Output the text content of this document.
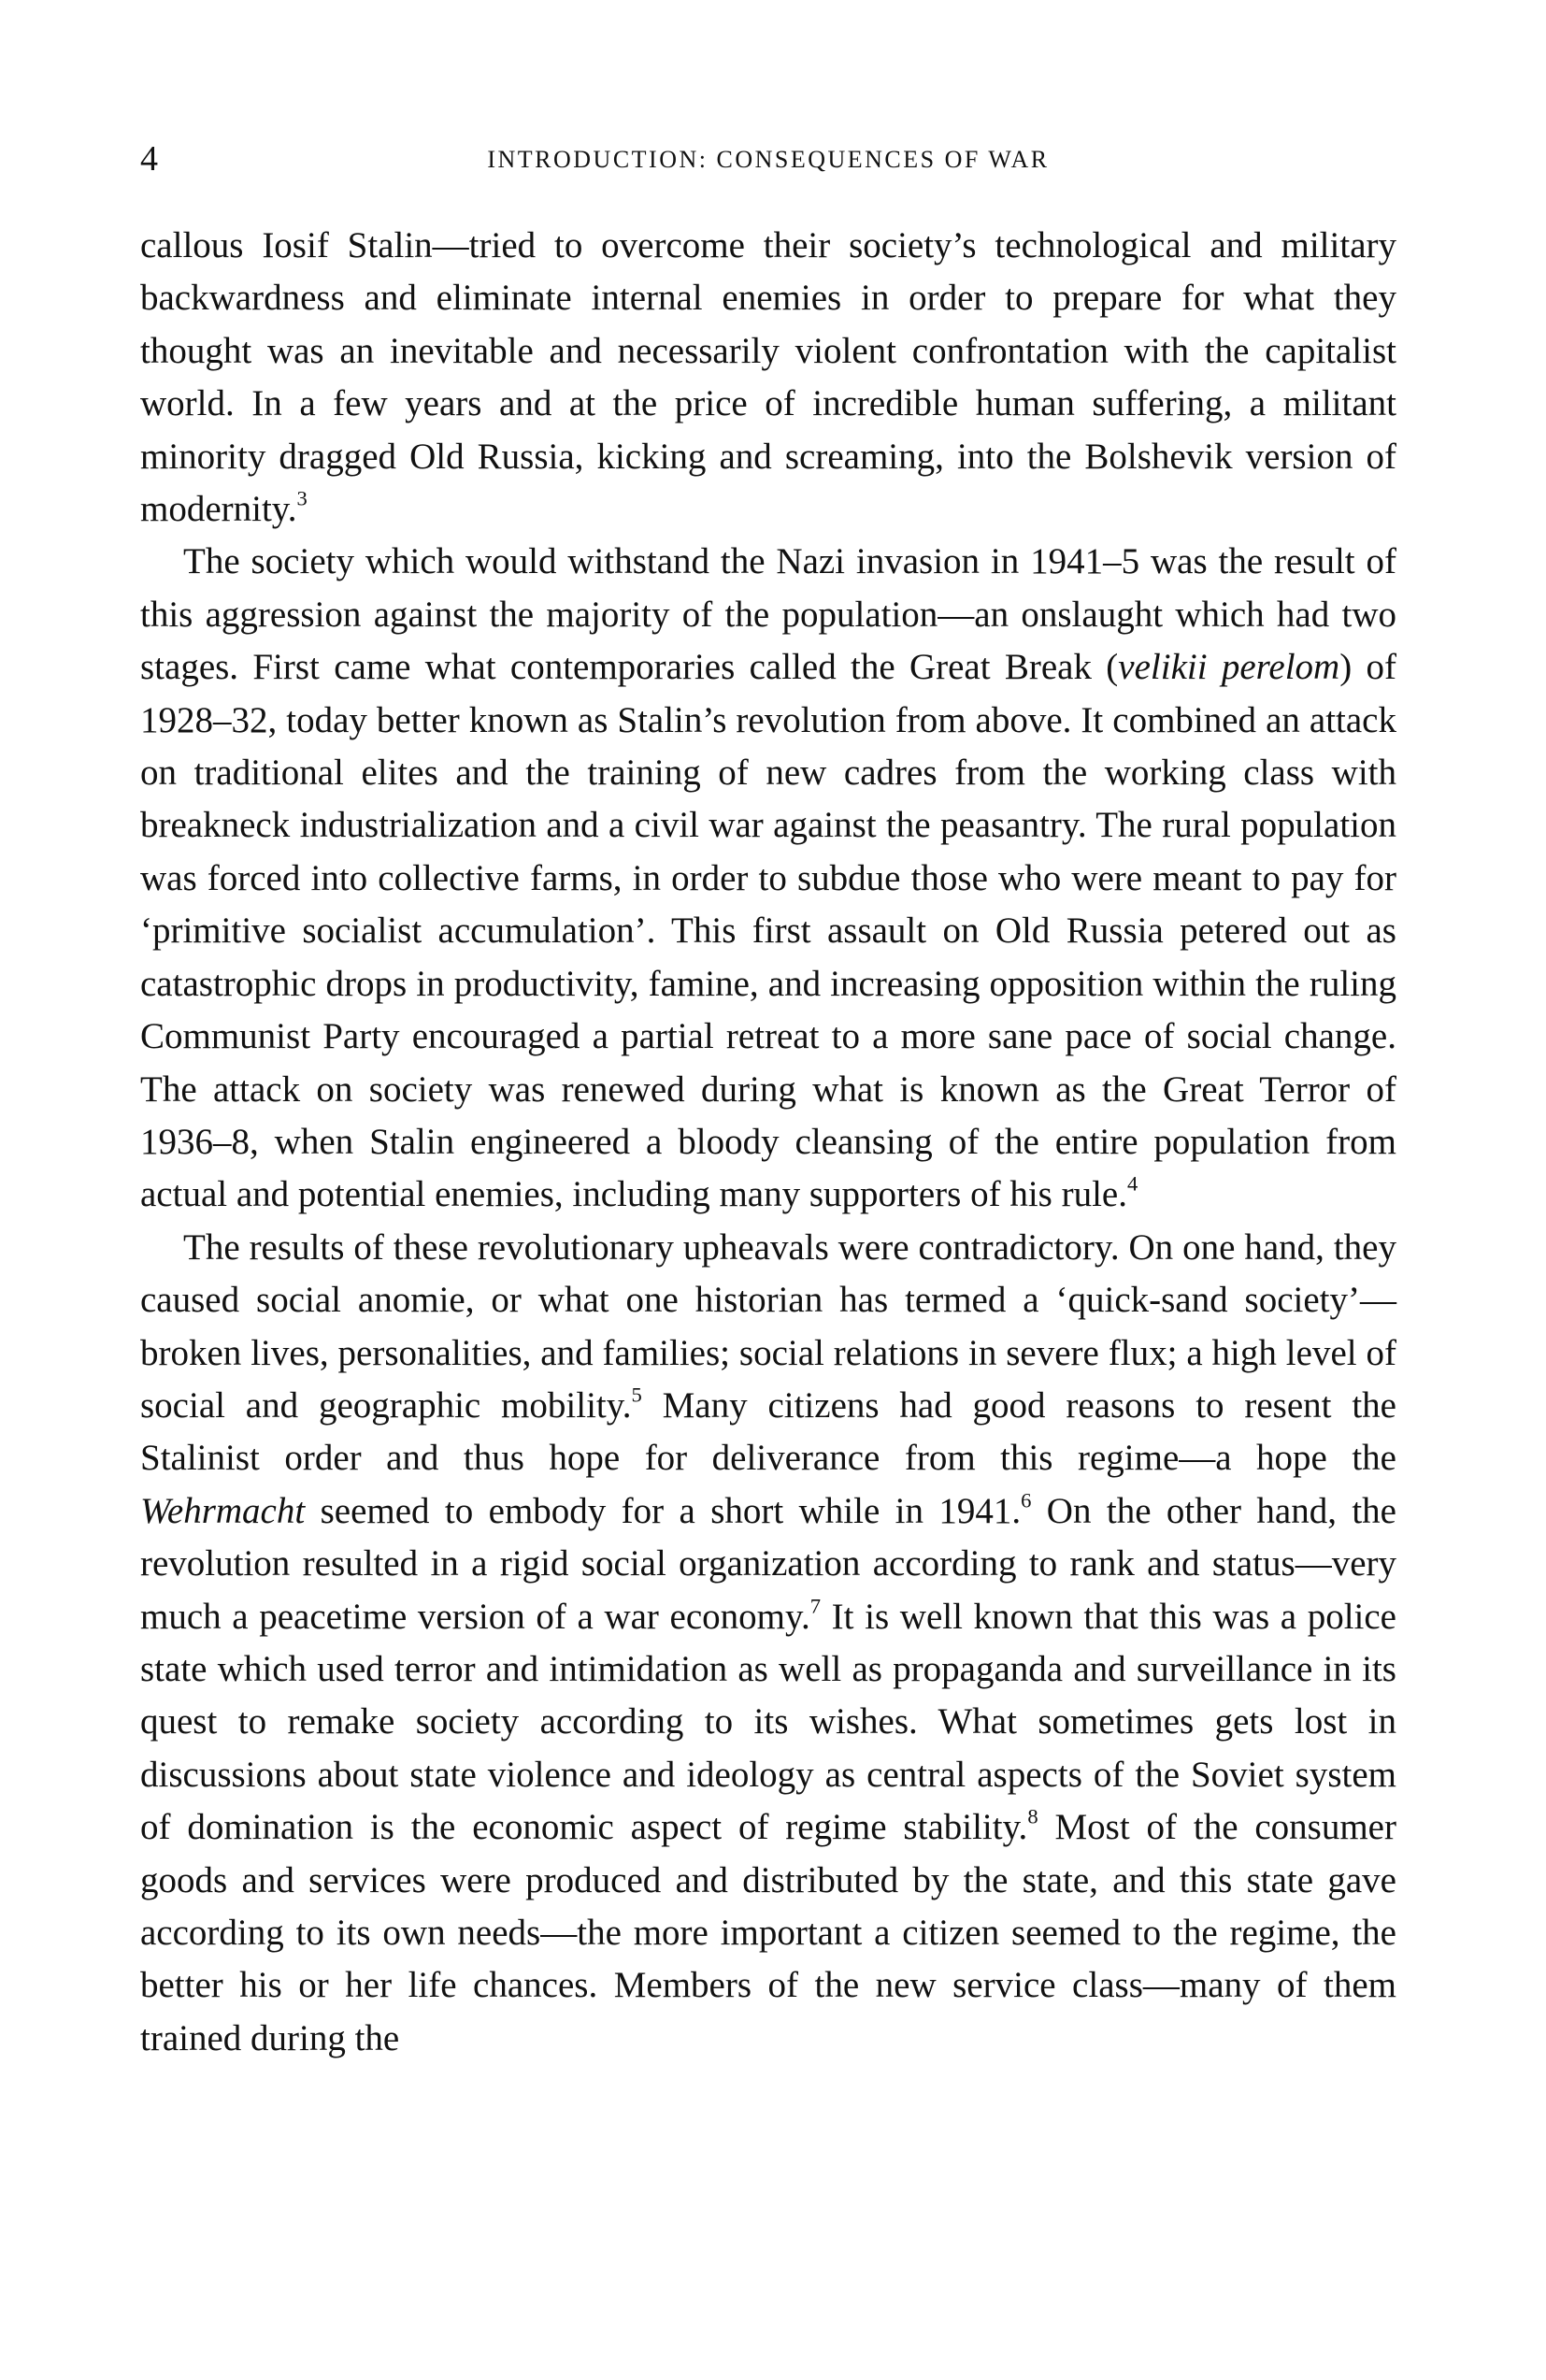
4	INTRODUCTION: CONSEQUENCES OF WAR

callous Iosif Stalin—tried to overcome their society’s technological and military backwardness and eliminate internal enemies in order to prepare for what they thought was an inevitable and necessarily violent confrontation with the capitalist world. In a few years and at the price of incredible human suffering, a militant minority dragged Old Russia, kicking and screaming, into the Bolshevik version of modernity.$^3$

The society which would withstand the Nazi invasion in 1941–5 was the result of this aggression against the majority of the population—an onslaught which had two stages. First came what contemporaries called the Great Break (velikii perelom) of 1928–32, today better known as Stalin’s revolution from above. It combined an attack on traditional elites and the training of new cadres from the working class with breakneck industrialization and a civil war against the peasantry. The rural population was forced into collective farms, in order to subdue those who were meant to pay for ‘primitive socialist accumulation’. This first assault on Old Russia petered out as catastrophic drops in productivity, famine, and increasing opposition within the ruling Communist Party encouraged a partial retreat to a more sane pace of social change. The attack on society was renewed during what is known as the Great Terror of 1936–8, when Stalin engineered a bloody cleansing of the entire population from actual and potential enemies, including many supporters of his rule.$^4$

The results of these revolutionary upheavals were contradictory. On one hand, they caused social anomie, or what one historian has termed a ‘quick-sand society’—broken lives, personalities, and families; social relations in severe flux; a high level of social and geographic mobility.$^5$ Many citizens had good reasons to resent the Stalinist order and thus hope for deliverance from this regime—a hope the Wehrmacht seemed to embody for a short while in 1941.$^6$ On the other hand, the revolution resulted in a rigid social organization according to rank and status—very much a peacetime version of a war economy.$^7$ It is well known that this was a police state which used terror and intimidation as well as propaganda and surveillance in its quest to remake society according to its wishes. What sometimes gets lost in discussions about state violence and ideology as central aspects of the Soviet system of domination is the economic aspect of regime stability.$^8$ Most of the consumer goods and services were produced and distributed by the state, and this state gave according to its own needs—the more important a citizen seemed to the regime, the better his or her life chances. Members of the new service class—many of them trained during the
